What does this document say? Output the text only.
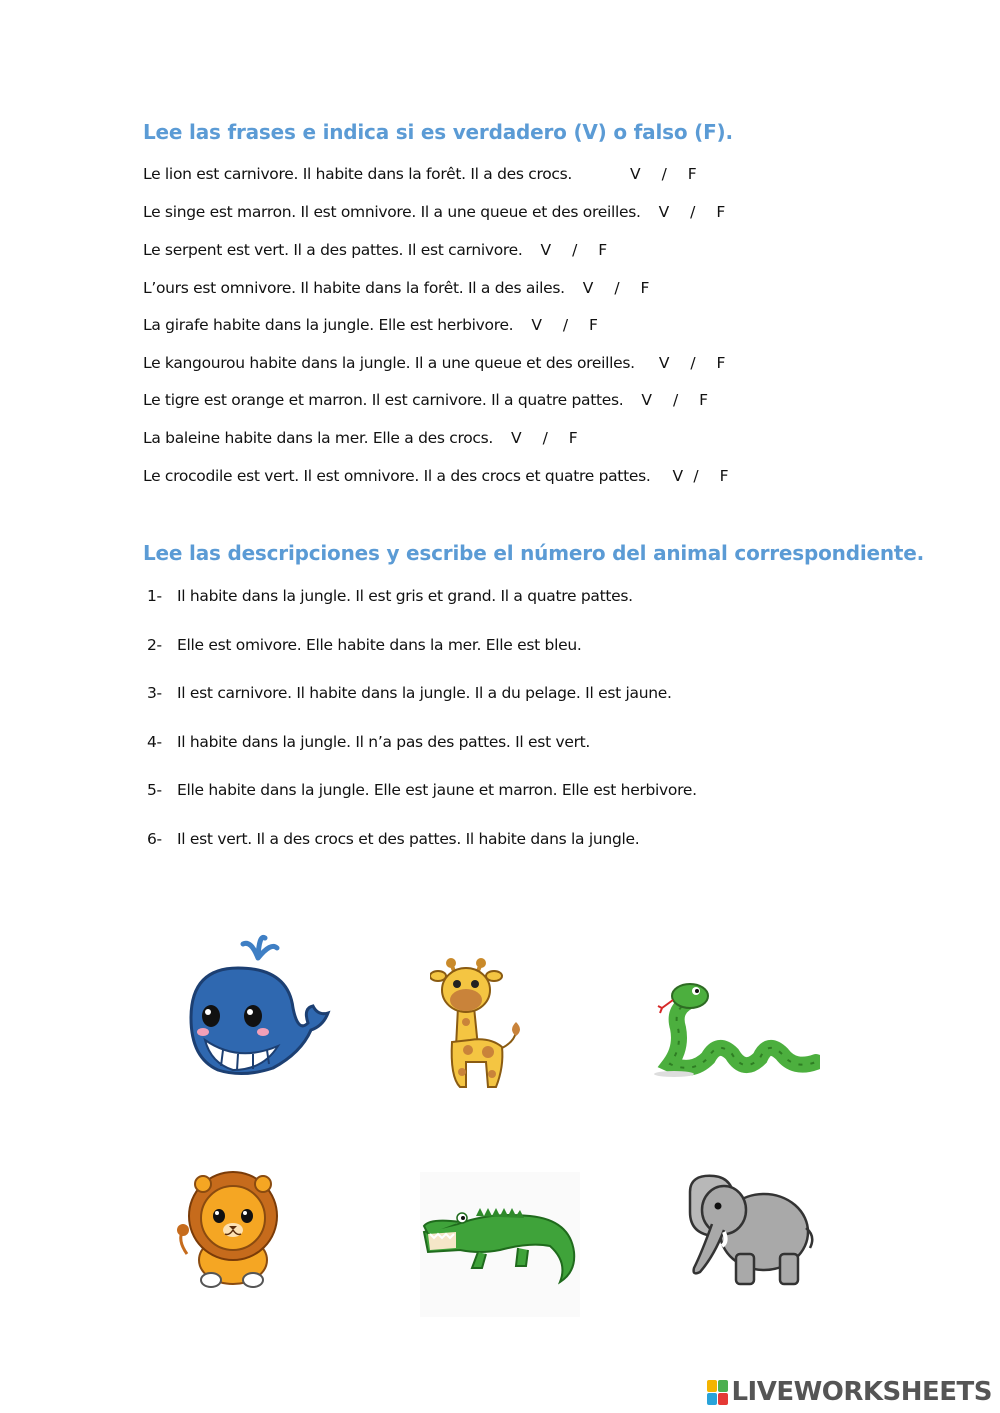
Lee las frases e indica si es verdadero (V) o falso (F).
Le lion est carnivore. Il habite dans la forêt. Il a des crocs.	V  /  F
Le singe est marron. Il est omnivore. Il a une queue et des oreilles. V  /  F
Le serpent est vert. Il a des pattes. Il est carnivore. V  /  F
L’ours est omnivore. Il habite dans la forêt. Il a des ailes. V  /  F
La girafe habite dans la jungle. Elle est herbivore. V  /  F
Le kangourou habite dans la jungle. Il a une queue et des oreilles. V  /  F
Le tigre est orange et marron. Il est carnivore. Il a quatre pattes. V  /  F
La baleine habite dans la mer. Elle a des crocs. V  /  F
Le crocodile est vert. Il est omnivore. Il a des crocs et quatre pattes. V /  F
Lee las descripciones y escribe el número del animal correspondiente.
1- Il habite dans la jungle. Il est gris et grand. Il a quatre pattes.
2- Elle est omivore. Elle habite dans la mer. Elle est bleu.
3- Il est carnivore. Il habite dans la jungle. Il a du pelage. Il est jaune.
4- Il habite dans la jungle. Il n’a pas des pattes. Il est vert.
5- Elle habite dans la jungle. Elle est jaune et marron. Elle est herbivore.
6- Il est vert. Il a des crocs et des pattes. Il habite dans la jungle.
LIVEWORKSHEETS
